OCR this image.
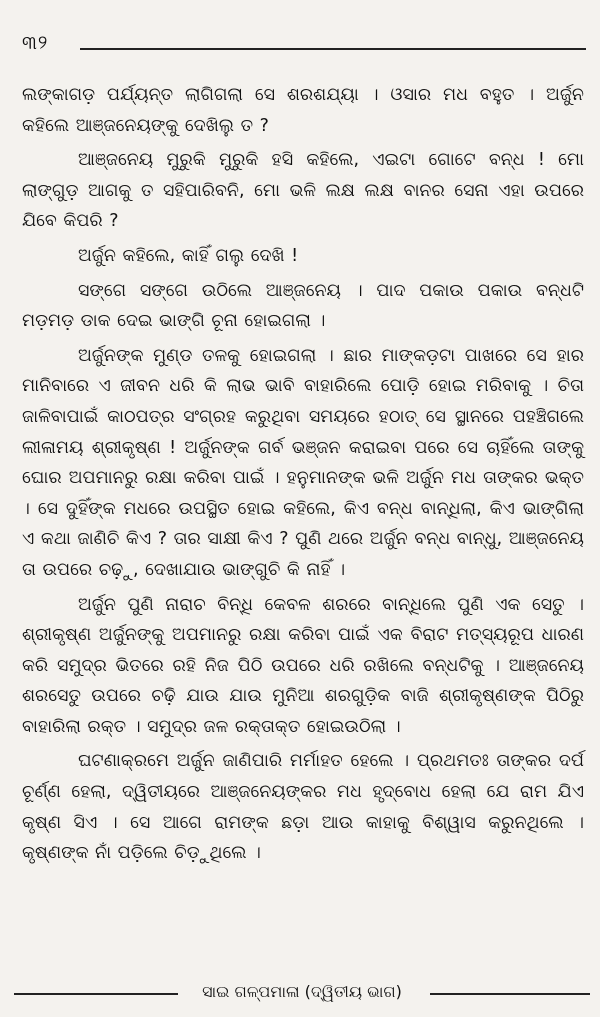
୩୨

ଲଙ୍କାଗଡ଼ ପର୍ଯ୍ୟନ୍ତ ଲାଗିଗଲା ସେ ଶରଶଯ୍ୟା । ଓସାର ମଧ ବହୁତ । ଅର୍ଜୁନ କହିଲେ ଆଞ୍ଜନେୟଙ୍କୁ ଦେଖିଲୁ ତ ?

ଆଞ୍ଜନେୟ ମୁରୁକି ମୁରୁକି ହସି କହିଲେ, ଏଇଟା ଗୋଟେ ବନ୍ଧ ! ମୋ ଲାଙ୍ଗୁଡ଼ ଆଗକୁ ତ ସହିପାରିବନି, ମୋ ଭଳି ଲକ୍ଷ ଲକ୍ଷ ବାନର ସେନା ଏହା ଉପରେ ଯିବେ କିପରି ?

ଅର୍ଜୁନ କହିଲେ, କାହିଁ ଗଲୁ ଦେଖି !

ସଙ୍ଗେ ସଙ୍ଗେ ଉଠିଲେ ଆଞ୍ଜନେୟ । ପାଦ ପକାଉ ପକାଉ ବନ୍ଧଟି ମଡ଼ମଡ଼ ଡାକ ଦେଇ ଭାଙ୍ଗି ଚୂନା ହୋଇଗଲା ।

ଅର୍ଜୁନଙ୍କ ମୁଣ୍ଡ ତଳକୁ ହୋଇଗଲା । ଛାର ମାଙ୍କଡ଼ଟା ପାଖରେ ସେ ହାର ମାନିବାରେ ଏ ଜୀବନ ଧରି କି ଲାଭ ଭାବି ବାହାରିଲେ ପୋଡ଼ି ହୋଇ ମରିବାକୁ । ଚିତା ଜାଳିବାପାଇଁ କାଠପତ୍ର ସଂଗ୍ରହ କରୁଥିବା ସମୟରେ ହଠାତ୍ ସେ ସ୍ଥାନରେ ପହଞ୍ଚିଗଲେ ଲୀଳାମୟ ଶ୍ରୀକୃଷ୍ଣ ! ଅର୍ଜୁନଙ୍କ ଗର୍ବ ଭଞ୍ଜନ କରାଇବା ପରେ ସେ ଚାହିଁଲେ ତାଙ୍କୁ ଘୋର ଅପମାନରୁ ରକ୍ଷା କରିବା ପାଇଁ । ହନୁମାନଙ୍କ ଭଳି ଅର୍ଜୁନ ମଧ ତାଙ୍କର ଭକ୍ତ । ସେ ଦୁହିଁଙ୍କ ମଧରେ ଉପସ୍ଥିତ ହୋଇ କହିଲେ, କିଏ ବନ୍ଧ ବାନ୍ଧିଲା, କିଏ ଭାଙ୍ଗିଲା ଏ କଥା ଜାଣିଚି କିଏ ? ତାର ସାକ୍ଷୀ କିଏ ? ପୁଣି ଥରେ ଅର୍ଜୁନ ବନ୍ଧ ବାନ୍ଧୁ, ଆଞ୍ଜନେୟ ତା ଉପରେ ଚଢ଼ୁ, ଦେଖାଯାଉ ଭାଙ୍ଗୁଚି କି ନାହିଁ ।

ଅର୍ଜୁନ ପୁଣି ନାରାଚ ବିନ୍ଧି କେବଳ ଶରରେ ବାନ୍ଧିଲେ ପୁଣି ଏକ ସେତୁ । ଶ୍ରୀକୃଷ୍ଣ ଅର୍ଜୁନଙ୍କୁ ଅପମାନରୁ ରକ୍ଷା କରିବା ପାଇଁ ଏକ ବିରାଟ ମତ୍ସ୍ୟରୂପ ଧାରଣ କରି ସମୁଦ୍ର ଭିତରେ ରହି ନିଜ ପିଠି ଉପରେ ଧରି ରଖିଲେ ବନ୍ଧଟିକୁ । ଆଞ୍ଜନେୟ ଶରସେତୁ ଉପରେ ଚଢ଼ି ଯାଉ ଯାଉ ମୁନିଆ ଶରଗୁଡ଼ିକ ବାଜି ଶ୍ରୀକୃଷ୍ଣଙ୍କ ପିଠିରୁ ବାହାରିଲା ରକ୍ତ । ସମୁଦ୍ର ଜଳ ରକ୍ତାକ୍ତ ହୋଇଉଠିଲା ।

ଘଟଣାକ୍ରମେ ଅର୍ଜୁନ ଜାଣିପାରି ମର୍ମାହତ ହେଲେ । ପ୍ରଥମତଃ ତାଙ୍କର ଦର୍ପ ଚୂର୍ଣ୍ଣ ହେଲା, ଦ୍ୱିତୀୟରେ ଆଞ୍ଜନେୟଙ୍କର ମଧ ହୃଦ୍‌ବୋଧ ହେଲା ଯେ ରାମ ଯିଏ କୃଷ୍ଣ ସିଏ । ସେ ଆଗେ ରାମଙ୍କ ଛଡ଼ା ଆଉ କାହାକୁ ବିଶ୍ୱାସ କରୁନଥିଲେ । କୃଷ୍ଣଙ୍କ ନାଁ ପଡ଼ିଲେ ଚିଡ଼ୁଥିଲେ ।

ସାଇ ଗଳ୍ପମାଳା (ଦ୍ୱିତୀୟ ଭାଗ)
